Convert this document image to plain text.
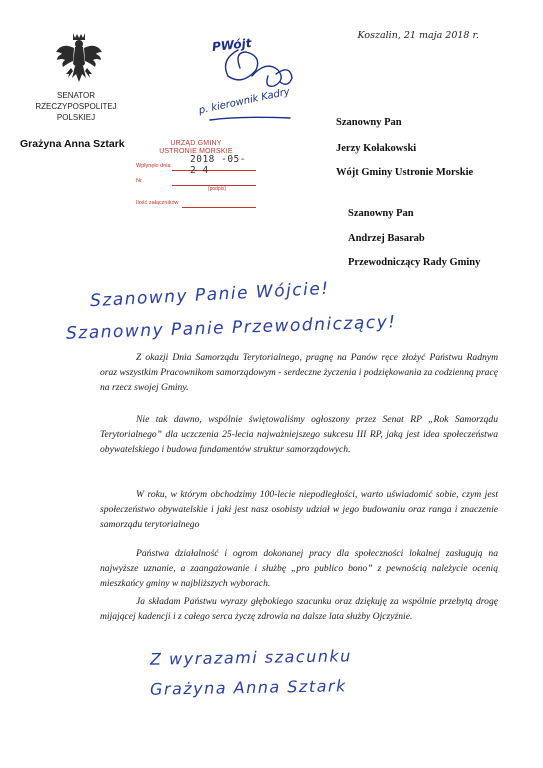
SENATOR
RZECZYPOSPOLITEJ POLSKIEJ
Grażyna Anna Sztark
Koszalin, 21 maja 2018 r.
PWójt
p. kierownik Kadry
URZĄD GMINY
USTRONIE MORSKIE
Wpłynęło dnia
Nr
(podpis)
Ilość załączników
2018 -05- 2 4
Szanowny Pan
Jerzy Kołakowski
Wójt Gminy Ustronie Morskie
Szanowny Pan
Andrzej Basarab
Przewodniczący Rady Gminy
Szanowny Panie Wójcie!
Szanowny Panie Przewodniczący!
Z okazji Dnia Samorządu Terytorialnego, pragnę na Panów ręce złożyć Państwu Radnym oraz wszystkim Pracownikom samorządowym - serdeczne życzenia i podziękowania za codzienną pracę na rzecz swojej Gminy.
Nie tak dawno, wspólnie świętowaliśmy ogłoszony przez Senat RP „Rok Samorządu Terytorialnego” dla uczczenia 25-lecia najważniejszego sukcesu III RP, jaką jest idea społeczeństwa obywatelskiego i budowa fundamentów struktur samorządowych.
W roku, w którym obchodzimy 100-lecie niepodległości, warto uświadomić sobie, czym jest społeczeństwo obywatelskie i jaki jest nasz osobisty udział w jego budowaniu oraz ranga i znaczenie samorządu terytorialnego
Państwa działalność i ogrom dokonanej pracy dla społeczności lokalnej zasługują na najwyższe uznanie, a zaangażowanie i służbę „pro publico bono” z pewnością należycie ocenią mieszkańcy gminy w najbliższych wyborach.
Ja składam Państwu wyrazy głębokiego szacunku oraz dziękuję za wspólnie przebytą drogę mijającej kadencji i z całego serca życzę zdrowia na dalsze lata służby Ojczyźnie.
Z wyrazami szacunku
Grażyna Anna Sztark
